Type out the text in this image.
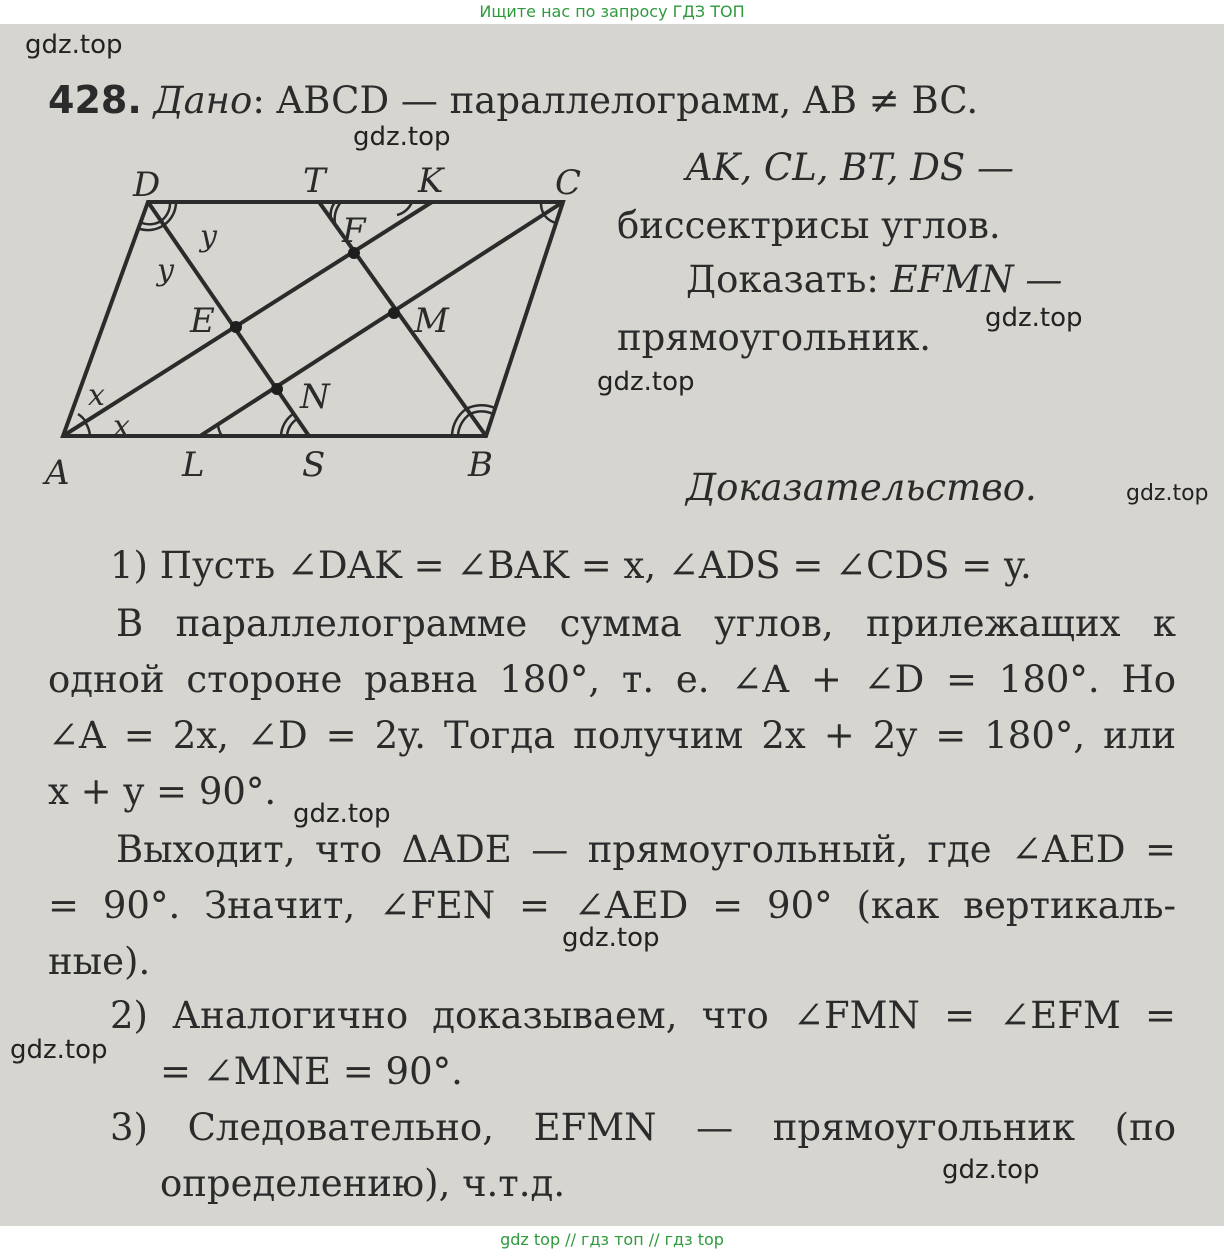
Ищите нас по запросу ГДЗ ТОП
gdz.top
gdz.top
gdz.top
gdz.top
gdz.top
gdz.top
gdz.top
gdz.top
gdz.top
428. Дано: ABCD — параллелограмм, AB ≠ BC.
AK, CL, BT, DS —
биссектрисы углов.
Доказать: EFMN —
прямоугольник.
Доказательство.
A	B
C
D	T	K
L	S
E
F
M
N
x
x
y
y
1) Пусть ∠DAK = ∠BAK = x, ∠ADS = ∠CDS = y.
В параллелограмме сумма углов, прилежащих к
одной стороне равна 180°, т. е. ∠A + ∠D = 180°. Но
∠A = 2x, ∠D = 2y. Тогда получим 2x + 2y = 180°, или
x + y = 90°.
Выходит, что ΔADE — прямоугольный, где ∠AED =
= 90°. Значит, ∠FEN = ∠AED = 90° (как вертикаль-
ные).
2) Аналогично доказываем, что ∠FMN = ∠EFM =
= ∠MNE = 90°.
3) Следовательно, EFMN — прямоугольник (по
определению), ч.т.д.
gdz top // гдз топ // гдз top
